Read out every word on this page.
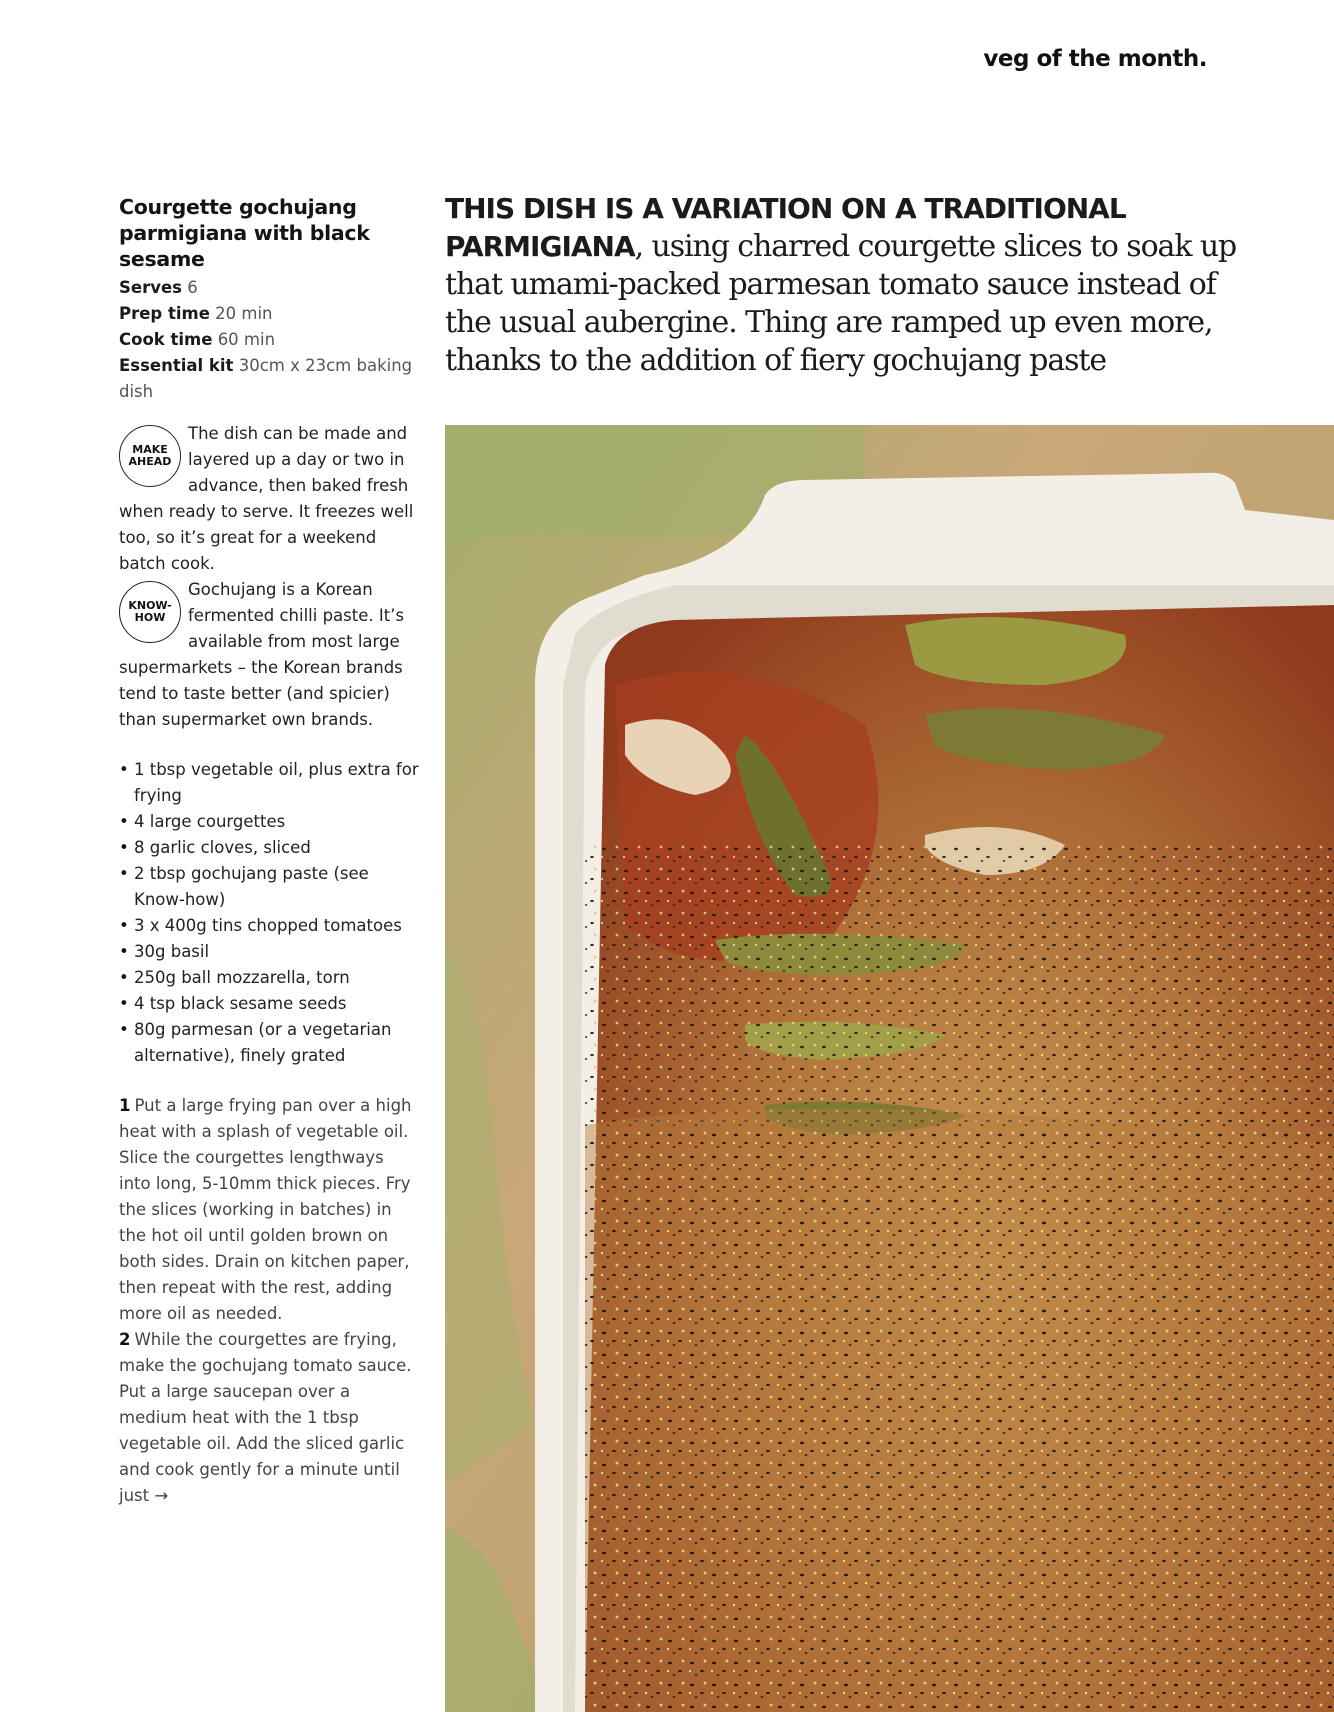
veg of the month.
Courgette gochujang parmigiana with black sesame
Serves 6
Prep time 20 min
Cook time 60 min
Essential kit 30cm x 23cm baking dish
MAKE AHEAD
The dish can be made and layered up a day or two in advance, then baked fresh when ready to serve. It freezes well too, so it’s great for a weekend batch cook.
KNOW-HOW
Gochujang is a Korean fermented chilli paste. It’s available from most large supermarkets – the Korean brands tend to taste better (and spicier) than supermarket own brands.
• 1 tbsp vegetable oil, plus extra for frying
• 4 large courgettes
• 8 garlic cloves, sliced
• 2 tbsp gochujang paste (see Know-how)
• 3 x 400g tins chopped tomatoes
• 30g basil
• 250g ball mozzarella, torn
• 4 tsp black sesame seeds
• 80g parmesan (or a vegetarian alternative), finely grated

1 Put a large frying pan over a high heat with a splash of vegetable oil. Slice the courgettes lengthways into long, 5-10mm thick pieces. Fry the slices (working in batches) in the hot oil until golden brown on both sides. Drain on kitchen paper, then repeat with the rest, adding more oil as needed.

2 While the courgettes are frying, make the gochujang tomato sauce. Put a large saucepan over a medium heat with the 1 tbsp vegetable oil. Add the sliced garlic and cook gently for a minute until just →

THIS DISH IS A VARIATION ON A TRADITIONAL PARMIGIANA, using charred courgette slices to soak up that umami-packed parmesan tomato sauce instead of the usual aubergine. Thing are ramped up even more, thanks to the addition of fiery gochujang paste
